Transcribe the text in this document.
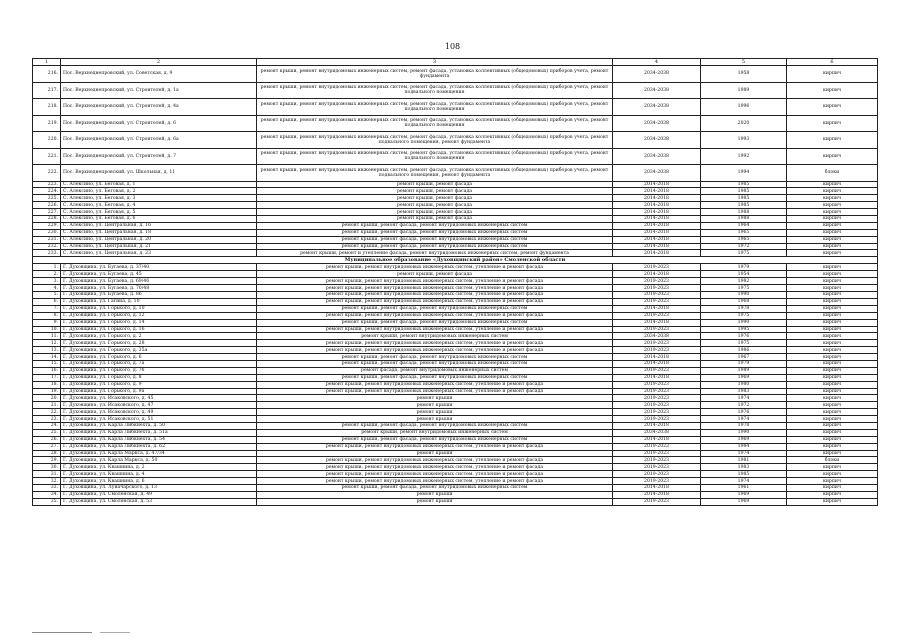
108
1	2	3	4	5	6
216.	Пос. Верхнеднепровский, ул. Советская, д. 9	ремонт крыши, ремонт внутридомовых инженерных систем, ремонт фасада, установка коллективных (общедомовых) приборов учета, ремонт фундамента	2034-2038	1958	кирпич
217.	Пос. Верхнеднепровский, ул. Строителей, д. 1а	ремонт крыши, ремонт внутридомовых инженерных систем, ремонт фасада, установка коллективных (общедомовых) приборов учета, ремонт подвального помещения	2034-2038	1989	кирпич
218.	Пос. Верхнеднепровский, ул. Строителей, д. 4а	ремонт крыши, ремонт внутридомовых инженерных систем, ремонт фасада, установка коллективных (общедомовых) приборов учета, ремонт подвального помещения	2034-2038	1996	кирпич
219.	Пос. Верхнеднепровский, ул. Строителей, д. 6	ремонт крыши, ремонт внутридомовых инженерных систем, ремонт фасада, установка коллективных (общедомовых) приборов учета, ремонт подвального помещения	2034-2038	2020	кирпич
220.	Пос. Верхнеднепровский, ул. Строителей, д. 6а	ремонт крыши, ремонт внутридомовых инженерных систем, ремонт фасада, установка коллективных (общедомовых) приборов учета, ремонт подвального помещения, ремонт фундамента	2034-2038	1993	кирпич
221.	Пос. Верхнеднепровский, ул. Строителей, д. 7	ремонт крыши, ремонт внутридомовых инженерных систем, ремонт фасада, установка коллективных (общедомовых) приборов учета, ремонт подвального помещения	2034-2038	1992	кирпич
222.	Пос. Верхнеднепровский, ул. Школьная, д. 11	ремонт крыши, ремонт внутридомовых инженерных систем, ремонт фасада, установка коллективных (общедомовых) приборов учета, ремонт подвального помещения, ремонт фундамента	2034-2038	1994	блоки
223.	С. Алексино, ул. Беговая, д. 1	ремонт крыши, ремонт фасада	2014-2018	1985	кирпич
224.	С. Алексино, ул. Беговая, д. 2	ремонт крыши, ремонт фасада	2014-2018	1985	кирпич
225.	С. Алексино, ул. Беговая, д. 3	ремонт крыши, ремонт фасада	2014-2018	1985	кирпич
226.	С. Алексино, ул. Беговая, д. 4	ремонт крыши, ремонт фасада	2014-2018	1985	кирпич
227.	С. Алексино, ул. Беговая, д. 5	ремонт крыши, ремонт фасада	2014-2018	1988	кирпич
228.	С. Алексино, ул. Беговая, д. 6	ремонт крыши, ремонт фасада	2014-2018	1988	кирпич
229.	С. Алексино, ул. Центральная, д. 16	ремонт крыши, ремонт фасада, ремонт внутридомовых инженерных систем	2014-2018	1964	кирпич
230.	С. Алексино, ул. Центральная, д. 18	ремонт крыши, ремонт фасада, ремонт внутридомовых инженерных систем	2014-2018	1965	кирпич
231.	С. Алексино, ул. Центральная, д. 20	ремонт крыши, ремонт фасада, ремонт внутридомовых инженерных систем	2014-2018	1965	кирпич
232.	С. Алексино, ул. Центральная, д. 21	ремонт крыши, ремонт фасада, ремонт внутридомовых инженерных систем	2014-2018	1972	кирпич
233.	С. Алексино, ул. Центральная, д. 23	ремонт крыши, ремонт и утепление фасада, ремонт внутридомовых инженерных систем, ремонт фундамента	2014-2018	1975	кирпич
Муниципальное образование «Духовщинский район» Смоленской области					
1.	Г. Духовщина, ул. Бугаева, д. 37/40	ремонт крыши, ремонт внутридомовых инженерных систем, утепление и ремонт фасада	2019-2023	1979	кирпич
2.	Г. Духовщина, ул. Бугаева, д. 45	ремонт крыши, ремонт фасада	2014-2018	1954	кирпич
3.	Г. Духовщина, ул. Бугаева, д. 69/46	ремонт крыши, ремонт внутридомовых инженерных систем, утепление и ремонт фасада	2019-2023	1982	кирпич
4.	Г. Духовщина, ул. Бугаева, д. 70/48	ремонт крыши, ремонт внутридомовых инженерных систем, утепление и ремонт фасада	2019-2023	1975	кирпич
5.	Г. Духовщина, ул. Бугаева, д. 86	ремонт крыши, ремонт внутридомовых инженерных систем, утепление и ремонт фасада	2019-2023	1990	кирпич
6.	Г. Духовщина, ул. Гагина, д. 10	ремонт крыши, ремонт внутридомовых инженерных систем, утепление и ремонт фасада	2019-2023	1968	кирпич
7.	Г. Духовщина, ул. Горького, д. 10	ремонт крыши, ремонт фасада, ремонт внутридомовых инженерных систем	2014-2018	1978	кирпич
8.	Г. Духовщина, ул. Горького, д. 12	ремонт крыши, ремонт внутридомовых инженерных систем, утепление и ремонт фасада	2019-2023	1975	кирпич
9.	Г. Духовщина, ул. Горького, д. 14	ремонт крыши, ремонт фасада, ремонт внутридомовых инженерных систем	2014-2018	1990	кирпич
10.	Г. Духовщина, ул. Горького, д. 16	ремонт крыши, ремонт внутридомовых инженерных систем, утепление и ремонт фасада	2019-2023	1995	кирпич
11.	Г. Духовщина, ул. Горького, д. 2	ремонт крыши, ремонт внутридомовых инженерных систем	2034-2038	1976	кирпич
12.	Г. Духовщина, ул. Горького, д. 28	ремонт крыши, ремонт внутридомовых инженерных систем, утепление и ремонт фасада	2019-2023	1975	кирпич
13.	Г. Духовщина, ул. Горького, д. 35а	ремонт крыши, ремонт внутридомовых инженерных систем, утепление и ремонт фасада	2019-2023	1986	кирпич
14.	Г. Духовщина, ул. Горького, д. 6	ремонт крыши, ремонт фасада, ремонт внутридомовых инженерных систем	2014-2018	1967	кирпич
15.	Г. Духовщина, ул. Горького, д. 7а	ремонт крыши, ремонт фасада, ремонт внутридомовых инженерных систем	2014-2018	1979	кирпич
16.	Г. Духовщина, ул. Горького, д. 7б	ремонт фасада, ремонт внутридомовых инженерных систем	2019-2023	1989	кирпич
17.	Г. Духовщина, ул. Горького, д. 8	ремонт крыши, ремонт фасада, ремонт внутридомовых инженерных систем	2014-2018	1969	кирпич
18.	Г. Духовщина, ул. Горького, д. 9	ремонт крыши, ремонт внутридомовых инженерных систем, утепление и ремонт фасада	2019-2023	1980	кирпич
19.	Г. Духовщина, ул. Горького, д. 9а	ремонт крыши, ремонт внутридомовых инженерных систем, утепление и ремонт фасада	2019-2023	1983	кирпич
20.	Г. Духовщина, ул. Исаковского, д. 45	ремонт крыши	2019-2023	1974	кирпич
21.	Г. Духовщина, ул. Исаковского, д. 47	ремонт крыши	2019-2023	1972	кирпич
22.	Г. Духовщина, ул. Исаковского, д. 49	ремонт крыши	2019-2023	1976	кирпич
23.	Г. Духовщина, ул. Исаковского, д. 51	ремонт крыши	2019-2023	1974	кирпич
24.	Г. Духовщина, ул. Карла Либкнехта, д. 50	ремонт крыши, ремонт фасада, ремонт внутридомовых инженерных систем	2014-2018	1978	кирпич
25.	Г. Духовщина, ул. Карла Либкнехта, д. 51а	ремонт крыши, ремонт внутридомовых инженерных систем	2034-2038	1990	кирпич
26.	Г. Духовщина, ул. Карла Либкнехта, д. 54	ремонт крыши, ремонт фасада, ремонт внутридомовых инженерных систем	2014-2018	1969	кирпич
27.	Г. Духовщина, ул. Карла Либкнехта, д. 62	ремонт крыши, ремонт внутридомовых инженерных систем, утепление и ремонт фасада	2019-2023	1984	кирпич
28.	Г. Духовщина, ул. Карла Маркса, д. 47/34	ремонт крыши	2019-2023	1974	кирпич
29.	Г. Духовщина, ул. Карла Маркса, д. 50	ремонт крыши, ремонт внутридомовых инженерных систем, утепление и ремонт фасада	2019-2023	1981	блоки
30.	Г. Духовщина, ул. Квашнина, д. 2	ремонт крыши, ремонт внутридомовых инженерных систем, утепление и ремонт фасада	2019-2023	1983	кирпич
31.	Г. Духовщина, ул. Квашнина, д. 4	ремонт крыши, ремонт внутридомовых инженерных систем, утепление и ремонт фасада	2019-2023	1985	кирпич
32.	Г. Духовщина, ул. Квашнина, д. 6	ремонт крыши, ремонт внутридомовых инженерных систем, утепление и ремонт фасада	2019-2023	1974	кирпич
33.	Г. Духовщина, ул. Луначарского, д. 13	ремонт крыши, ремонт фасада, ремонт внутридомовых инженерных систем	2014-2018	1961	кирпич
34.	Г. Духовщина, ул. Смоленская, д. 49	ремонт крыши	2014-2018	1969	кирпич
35.	Г. Духовщина, ул. Смоленская, д. 53	ремонт крыши	2019-2023	1969	кирпич
